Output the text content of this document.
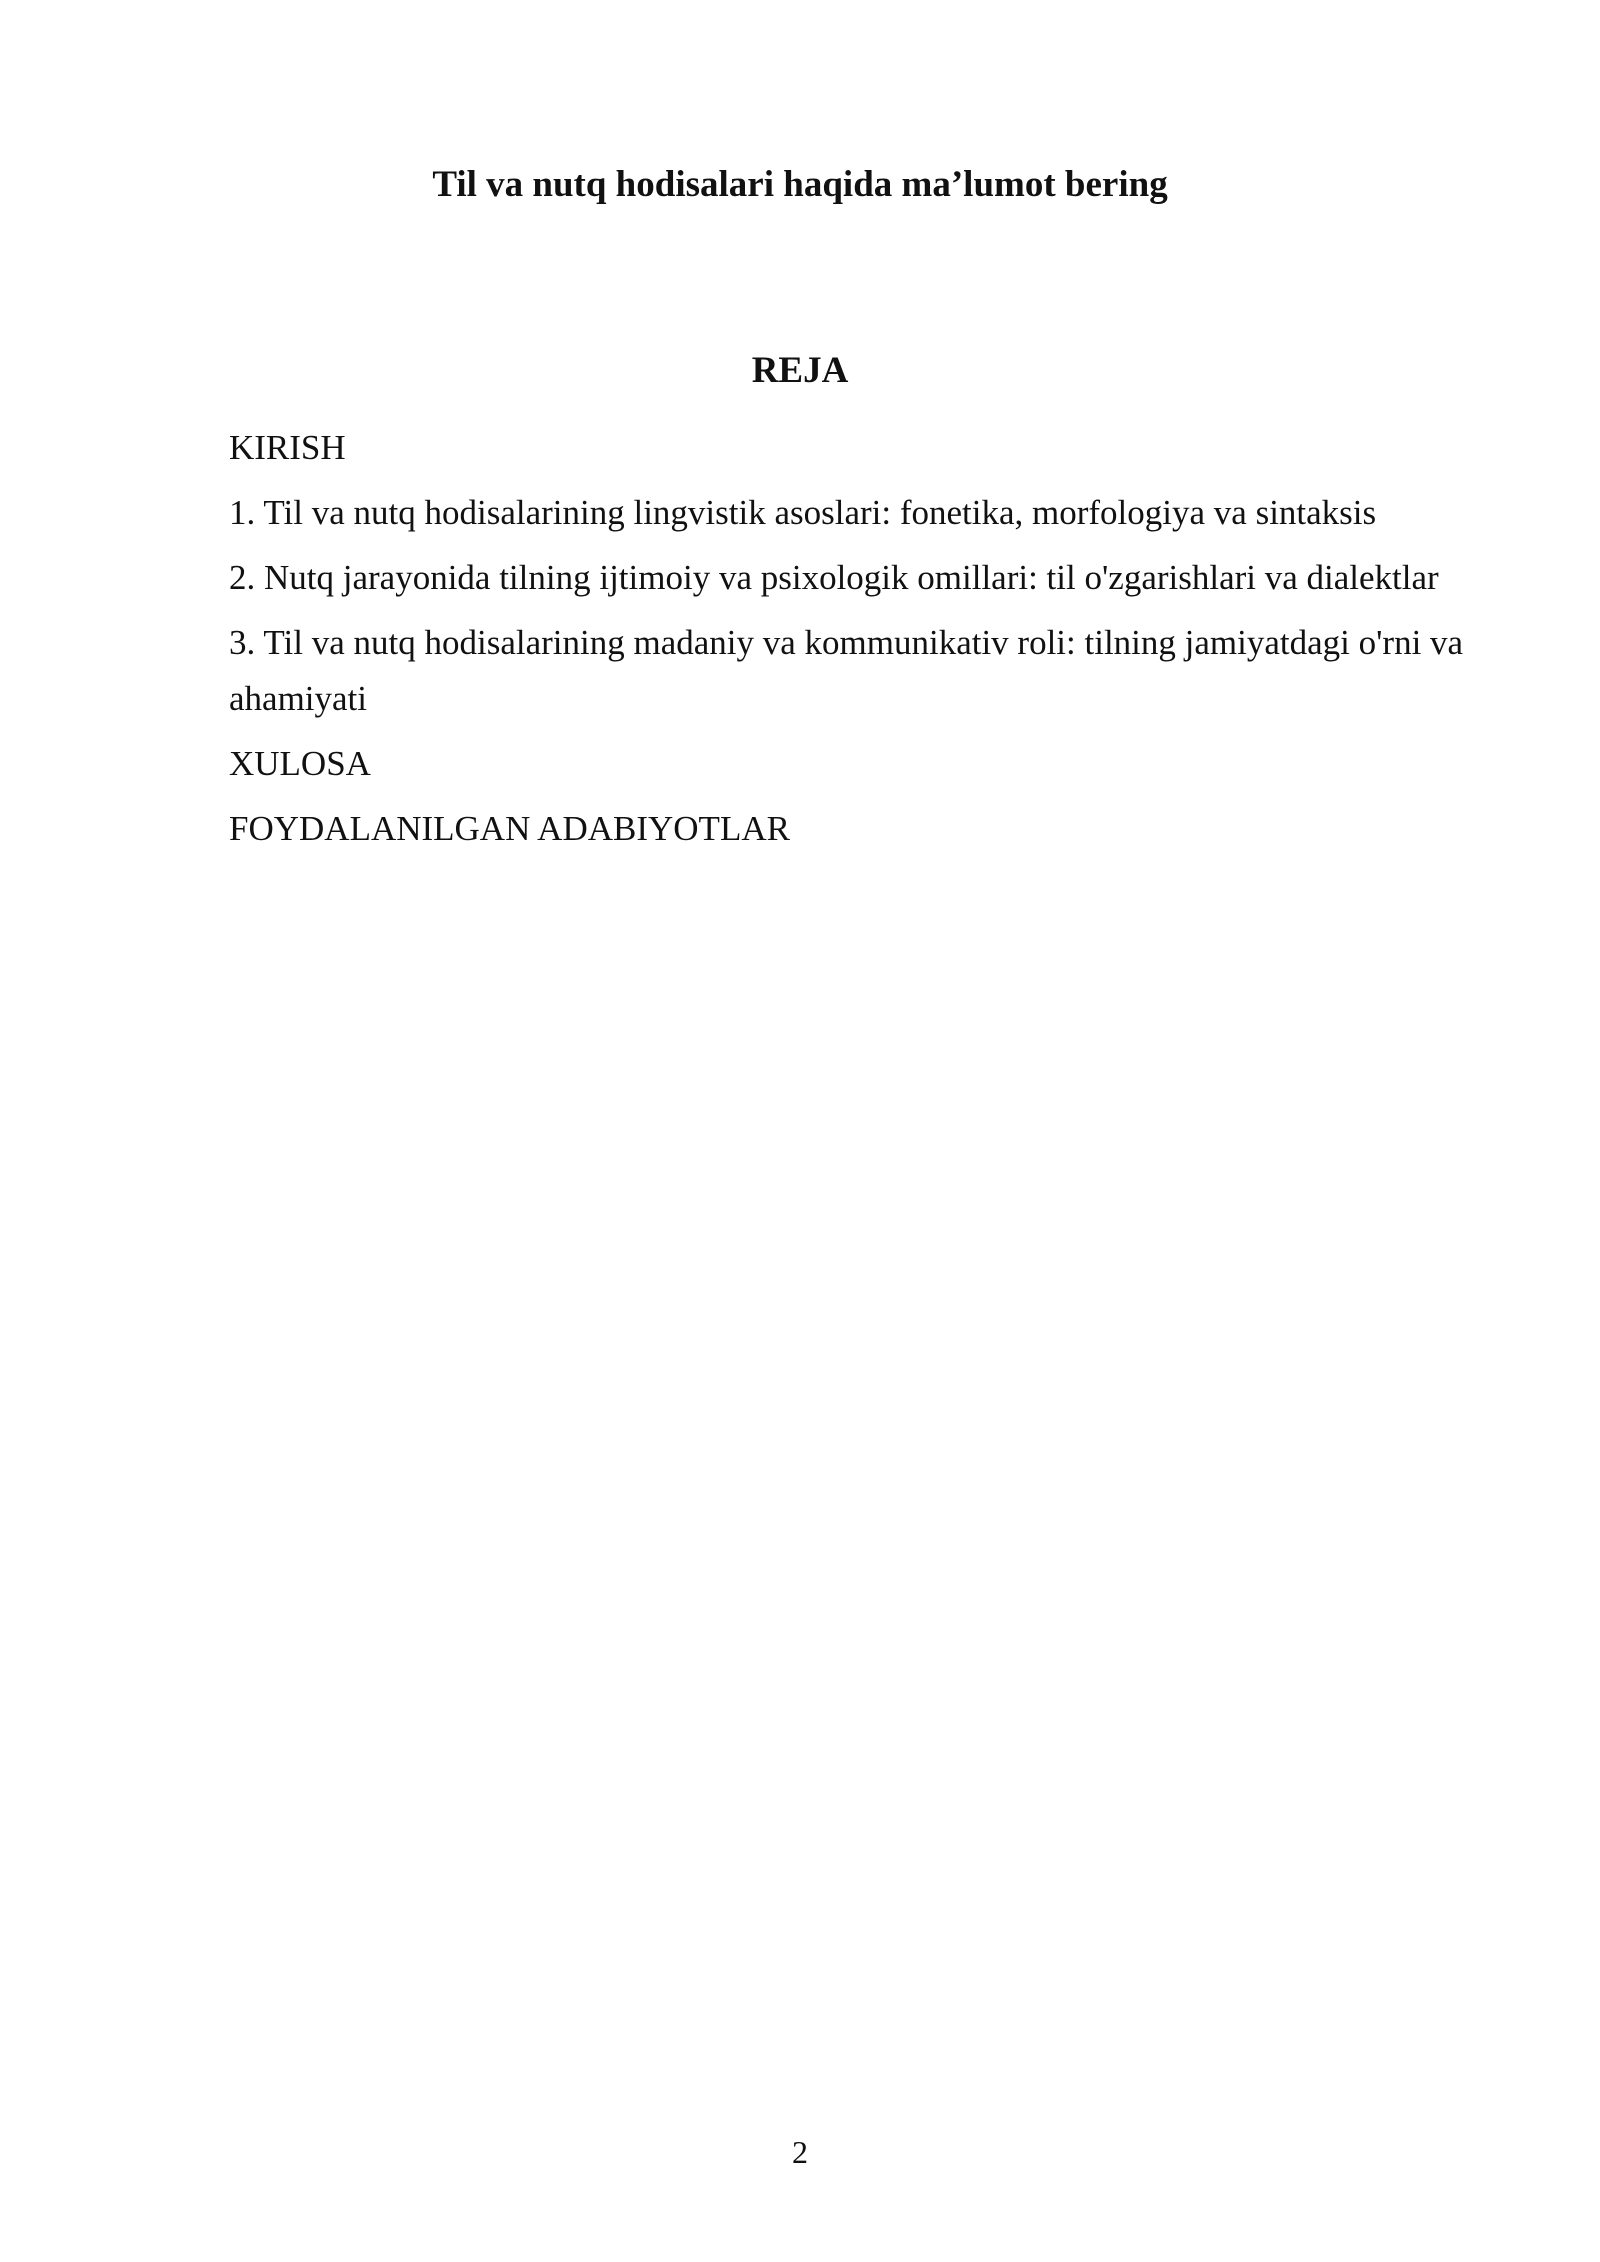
Til va nutq hodisalari haqida ma’lumot bering
REJA
KIRISH
1. Til va nutq hodisalarining lingvistik asoslari: fonetika, morfologiya va sintaksis
2. Nutq jarayonida tilning ijtimoiy va psixologik omillari: til o'zgarishlari va dialektlar
3. Til va nutq hodisalarining madaniy va kommunikativ roli: tilning jamiyatdagi o'rni va ahamiyati
XULOSA
FOYDALANILGAN ADABIYOTLAR
2
